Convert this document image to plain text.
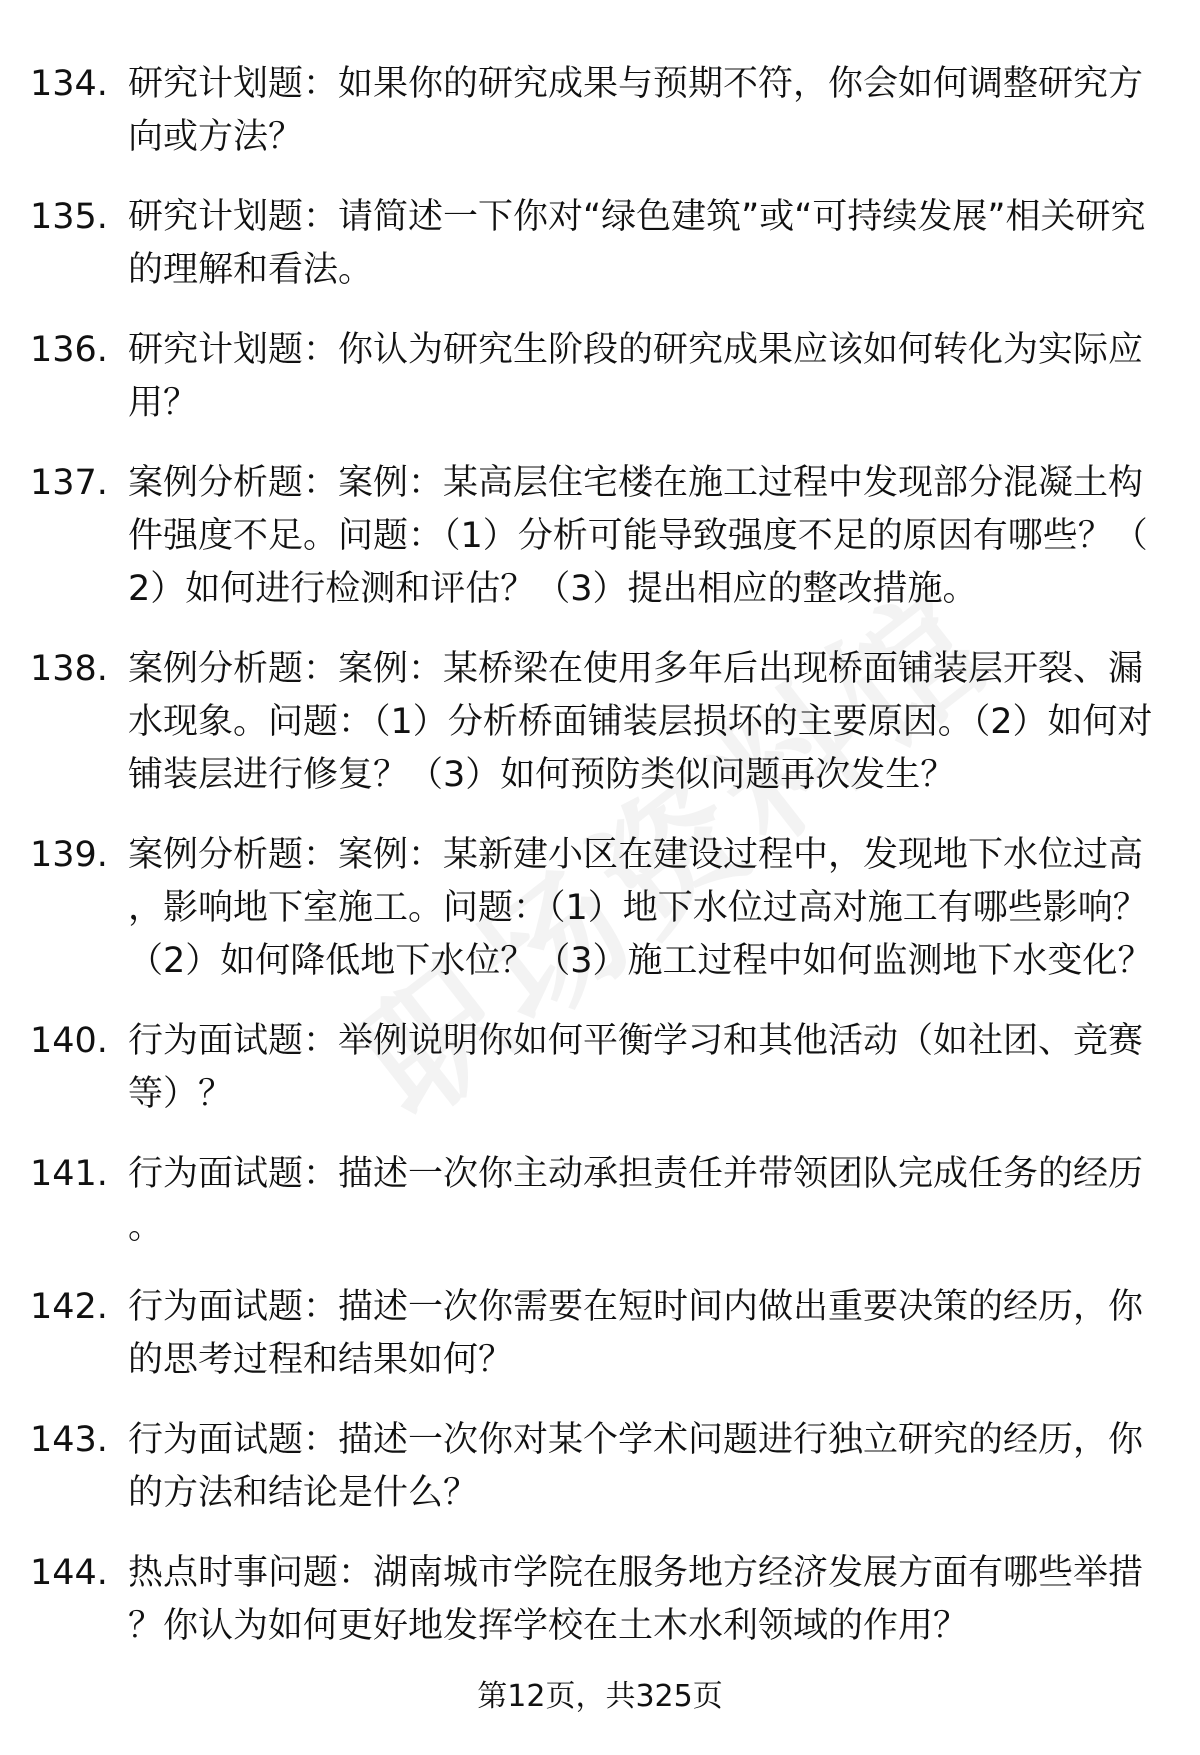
134. 研究计划题：如果你的研究成果与预期不符，你会如何调整研究方向或方法？
135. 研究计划题：请简述一下你对“绿色建筑”或“可持续发展”相关研究的理解和看法。
136. 研究计划题：你认为研究生阶段的研究成果应该如何转化为实际应用？
137. 案例分析题：案例：某高层住宅楼在施工过程中发现部分混凝土构件强度不足。问题：（1）分析可能导致强度不足的原因有哪些？（2）如何进行检测和评估？（3）提出相应的整改措施。
138. 案例分析题：案例：某桥梁在使用多年后出现桥面铺装层开裂、漏水现象。问题：（1）分析桥面铺装层损坏的主要原因。（2）如何对铺装层进行修复？（3）如何预防类似问题再次发生？
139. 案例分析题：案例：某新建小区在建设过程中，发现地下水位过高，影响地下室施工。问题：（1）地下水位过高对施工有哪些影响？（2）如何降低地下水位？（3）施工过程中如何监测地下水变化？
140. 行为面试题：举例说明你如何平衡学习和其他活动（如社团、竞赛等）？
141. 行为面试题：描述一次你主动承担责任并带领团队完成任务的经历。
142. 行为面试题：描述一次你需要在短时间内做出重要决策的经历，你的思考过程和结果如何？
143. 行为面试题：描述一次你对某个学术问题进行独立研究的经历，你的方法和结论是什么？
144. 热点时事问题：湖南城市学院在服务地方经济发展方面有哪些举措？你认为如何更好地发挥学校在土木水利领域的作用？
第12页，共325页
